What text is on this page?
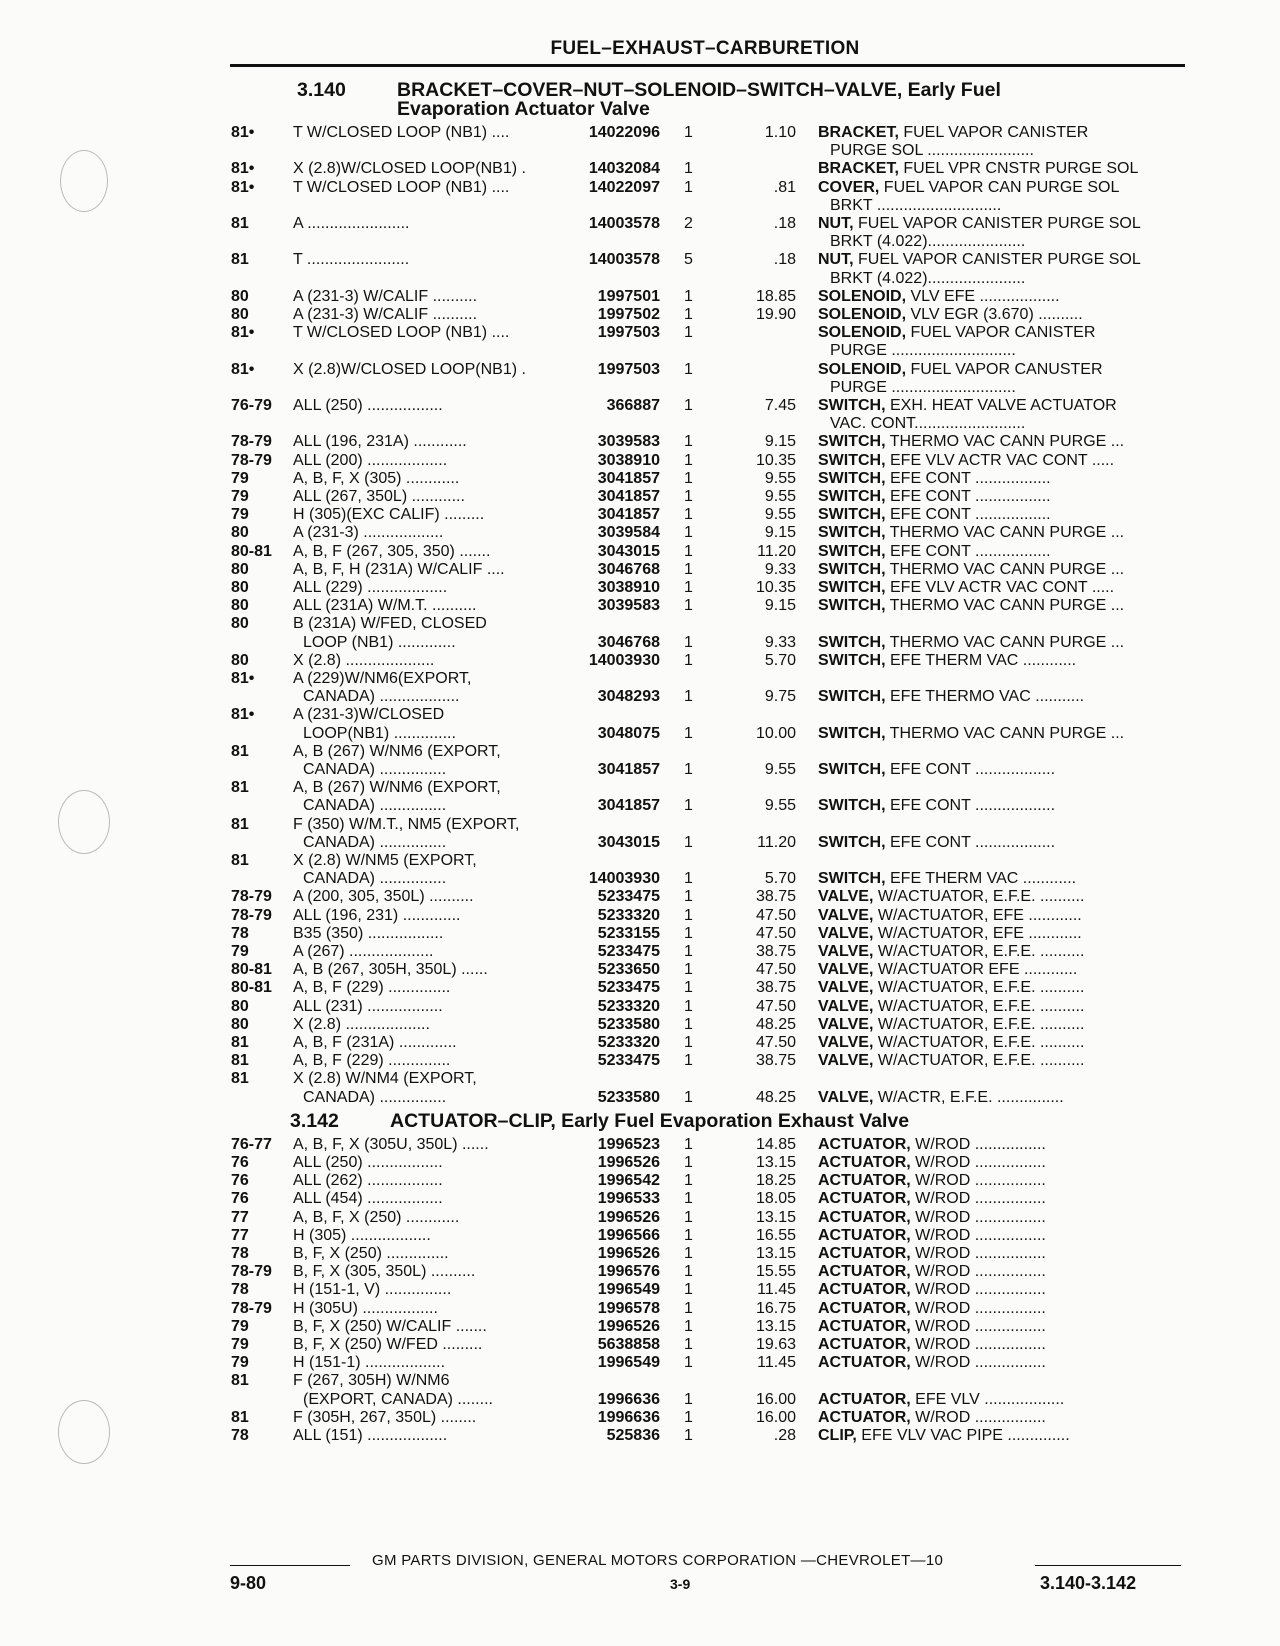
FUEL–EXHAUST–CARBURETION
3.140	BRACKET–COVER–NUT–SOLENOID–SWITCH–VALVE, Early Fuel
Evaporation Actuator Valve
81• T W/CLOSED LOOP (NB1) ....	14022096 1	1.10 BRACKET, FUEL VAPOR CANISTER
PURGE SOL ........................
81• X (2.8)W/CLOSED LOOP(NB1) .	14032084 1	BRACKET, FUEL VPR CNSTR PURGE SOL
81• T W/CLOSED LOOP (NB1) ....	14022097 1	.81 COVER, FUEL VAPOR CAN PURGE SOL
BRKT ............................
81	A .......................	14003578 2	.18 NUT, FUEL VAPOR CANISTER PURGE SOL
BRKT (4.022)......................
81	T .......................	14003578 5	.18 NUT, FUEL VAPOR CANISTER PURGE SOL
BRKT (4.022)......................
80	A (231-3) W/CALIF ..........	1997501 1	18.85 SOLENOID, VLV EFE ..................
80	A (231-3) W/CALIF ..........	1997502 1	19.90 SOLENOID, VLV EGR (3.670) ..........
81• T W/CLOSED LOOP (NB1) ....	1997503 1	SOLENOID, FUEL VAPOR CANISTER
PURGE ............................
81• X (2.8)W/CLOSED LOOP(NB1) .	1997503 1	SOLENOID, FUEL VAPOR CANUSTER
PURGE ............................
76-79 ALL (250) .................	366887 1	7.45 SWITCH, EXH. HEAT VALVE ACTUATOR
VAC. CONT.........................
78-79 ALL (196, 231A) ............	3039583 1	9.15 SWITCH, THERMO VAC CANN PURGE ...
78-79 ALL (200) ..................	3038910 1	10.35 SWITCH, EFE VLV ACTR VAC CONT .....
79	A, B, F, X (305) ............	3041857 1	9.55 SWITCH, EFE CONT .................
79	ALL (267, 350L) ............	3041857 1	9.55 SWITCH, EFE CONT .................
79	H (305)(EXC CALIF) .........	3041857 1	9.55 SWITCH, EFE CONT .................
80	A (231-3) ..................	3039584 1	9.15 SWITCH, THERMO VAC CANN PURGE ...
80-81 A, B, F (267, 305, 350) .......	3043015 1	11.20 SWITCH, EFE CONT .................
80	A, B, F, H (231A) W/CALIF ....	3046768 1	9.33 SWITCH, THERMO VAC CANN PURGE ...
80	ALL (229) ..................	3038910 1	10.35 SWITCH, EFE VLV ACTR VAC CONT .....
80	ALL (231A) W/M.T. ..........	3039583 1	9.15 SWITCH, THERMO VAC CANN PURGE ...
80	B (231A) W/FED, CLOSED
LOOP (NB1) .............	3046768 1	9.33 SWITCH, THERMO VAC CANN PURGE ...
80	X (2.8) ....................	14003930 1	5.70 SWITCH, EFE THERM VAC ............
81• A (229)W/NM6(EXPORT,
CANADA) ..................	3048293 1	9.75 SWITCH, EFE THERMO VAC ...........
81• A (231-3)W/CLOSED
LOOP(NB1) ..............	3048075 1	10.00 SWITCH, THERMO VAC CANN PURGE ...
81	A, B (267) W/NM6 (EXPORT,
CANADA) ...............	3041857 1	9.55 SWITCH, EFE CONT ..................
81	A, B (267) W/NM6 (EXPORT,
CANADA) ...............	3041857 1	9.55 SWITCH, EFE CONT ..................
81	F (350) W/M.T., NM5 (EXPORT,
CANADA) ...............	3043015 1	11.20 SWITCH, EFE CONT ..................
81	X (2.8) W/NM5 (EXPORT,
CANADA) ...............	14003930 1	5.70 SWITCH, EFE THERM VAC ............
78-79 A (200, 305, 350L) ..........	5233475 1	38.75 VALVE, W/ACTUATOR, E.F.E. ..........
78-79 ALL (196, 231) .............	5233320 1	47.50 VALVE, W/ACTUATOR, EFE ............
78	B35 (350) .................	5233155 1	47.50 VALVE, W/ACTUATOR, EFE ............
79	A (267) ...................	5233475 1	38.75 VALVE, W/ACTUATOR, E.F.E. ..........
80-81 A, B (267, 305H, 350L) ......	5233650 1	47.50 VALVE, W/ACTUATOR EFE ............
80-81 A, B, F (229) ..............	5233475 1	38.75 VALVE, W/ACTUATOR, E.F.E. ..........
80	ALL (231) .................	5233320 1	47.50 VALVE, W/ACTUATOR, E.F.E. ..........
80	X (2.8) ...................	5233580 1	48.25 VALVE, W/ACTUATOR, E.F.E. ..........
81	A, B, F (231A) .............	5233320 1	47.50 VALVE, W/ACTUATOR, E.F.E. ..........
81	A, B, F (229) ..............	5233475 1	38.75 VALVE, W/ACTUATOR, E.F.E. ..........
81	X (2.8) W/NM4 (EXPORT,
CANADA) ...............	5233580 1	48.25 VALVE, W/ACTR, E.F.E. ...............
3.142	ACTUATOR–CLIP, Early Fuel Evaporation Exhaust Valve
76-77 A, B, F, X (305U, 350L) ......	1996523 1	14.85 ACTUATOR, W/ROD ................
76	ALL (250) .................	1996526 1	13.15 ACTUATOR, W/ROD ................
76	ALL (262) .................	1996542 1	18.25 ACTUATOR, W/ROD ................
76	ALL (454) .................	1996533 1	18.05 ACTUATOR, W/ROD ................
77	A, B, F, X (250) ............	1996526 1	13.15 ACTUATOR, W/ROD ................
77	H (305) ..................	1996566 1	16.55 ACTUATOR, W/ROD ................
78	B, F, X (250) ..............	1996526 1	13.15 ACTUATOR, W/ROD ................
78-79 B, F, X (305, 350L) ..........	1996576 1	15.55 ACTUATOR, W/ROD ................
78	H (151-1, V) ...............	1996549 1	11.45 ACTUATOR, W/ROD ................
78-79 H (305U) .................	1996578 1	16.75 ACTUATOR, W/ROD ................
79	B, F, X (250) W/CALIF .......	1996526 1	13.15 ACTUATOR, W/ROD ................
79	B, F, X (250) W/FED .........	5638858 1	19.63 ACTUATOR, W/ROD ................
79	H (151-1) ..................	1996549 1	11.45 ACTUATOR, W/ROD ................
81	F (267, 305H) W/NM6
(EXPORT, CANADA) ........	1996636 1	16.00 ACTUATOR, EFE VLV ..................
81	F (305H, 267, 350L) ........	1996636 1	16.00 ACTUATOR, W/ROD ................
78	ALL (151) ..................	525836 1	.28 CLIP, EFE VLV VAC PIPE ..............
GM PARTS DIVISION, GENERAL MOTORS CORPORATION —CHEVROLET—10
9-80	3-9	3.140-3.142
